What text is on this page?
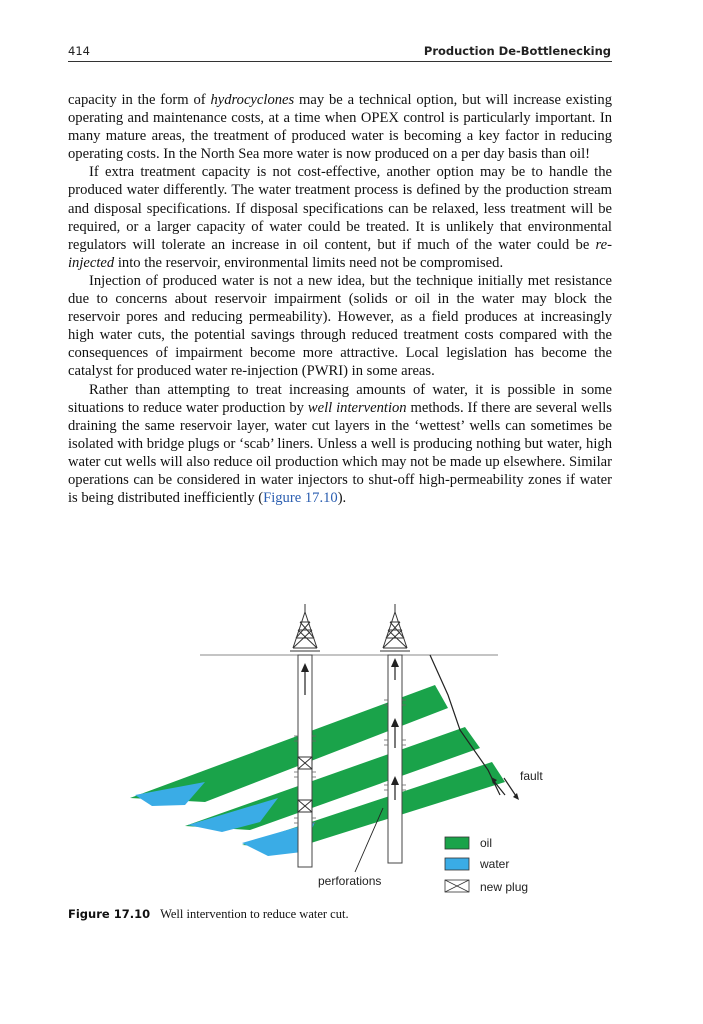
414	Production De-Bottlenecking

capacity in the form of hydrocyclones may be a technical option, but will increase existing operating and maintenance costs, at a time when OPEX control is particularly important. In many mature areas, the treatment of produced water is becoming a key factor in reducing operating costs. In the North Sea more water is now produced on a per day basis than oil!

If extra treatment capacity is not cost-effective, another option may be to handle the produced water differently. The water treatment process is defined by the production stream and disposal specifications. If disposal specifications can be relaxed, less treatment will be required, or a larger capacity of water could be treated. It is unlikely that environmental regulators will tolerate an increase in oil content, but if much of the water could be re-injected into the reservoir, environmental limits need not be compromised.

Injection of produced water is not a new idea, but the technique initially met resistance due to concerns about reservoir impairment (solids or oil in the water may block the reservoir pores and reducing permeability). However, as a field produces at increasingly high water cuts, the potential savings through reduced treatment costs compared with the consequences of impairment become more attractive. Local legislation has become the catalyst for produced water re-injection (PWRI) in some areas.

Rather than attempting to treat increasing amounts of water, it is possible in some situations to reduce water production by well intervention methods. If there are several wells draining the same reservoir layer, water cut layers in the ‘wettest’ wells can sometimes be isolated with bridge plugs or ‘scab’ liners. Unless a well is producing nothing but water, high water cut wells will also reduce oil production which may not be made up elsewhere. Similar operations can be considered in water injectors to shut-off high-permeability zones if water is being distributed inefficiently (Figure 17.10).

fault
perforations
oil
water
new plug
Figure 17.10 Well intervention to reduce water cut.
